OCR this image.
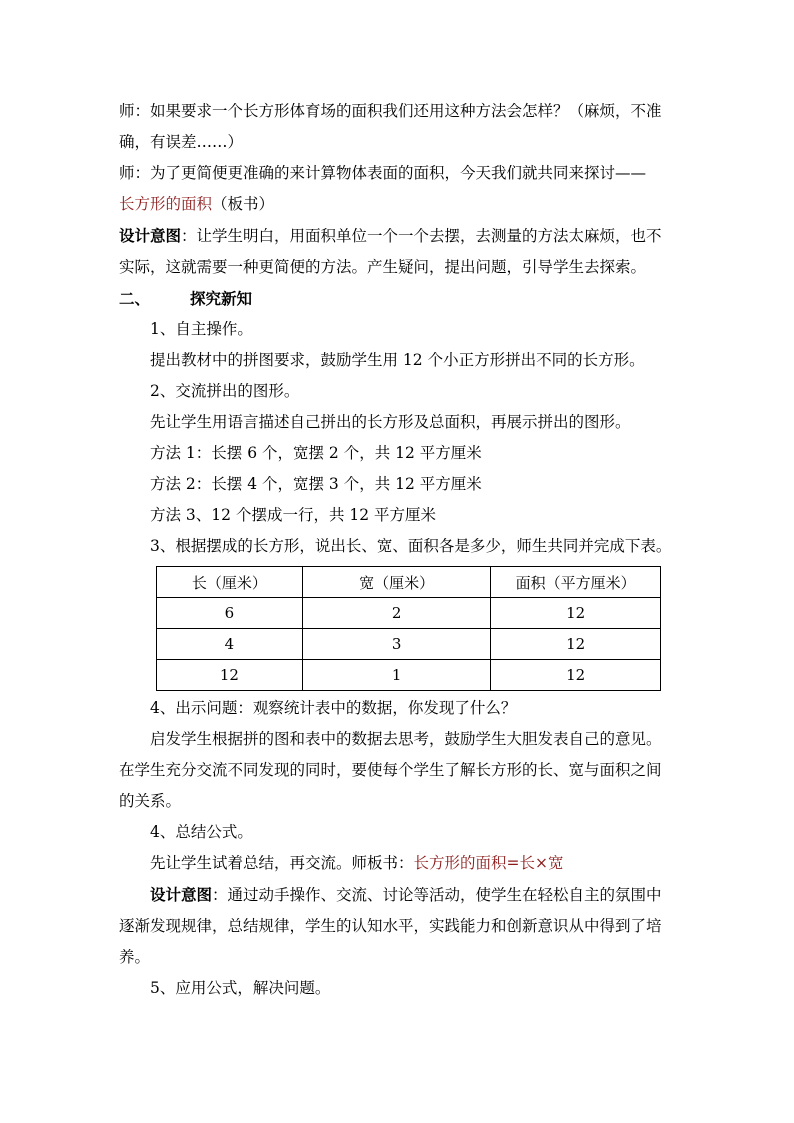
师：如果要求一个长方形体育场的面积我们还用这种方法会怎样？（麻烦，不准

确，有误差……）

师：为了更简便更准确的来计算物体表面的面积，今天我们就共同来探讨——

长方形的面积（板书）

设计意图：让学生明白，用面积单位一个一个去摆，去测量的方法太麻烦，也不

实际，这就需要一种更简便的方法。产生疑问，提出问题，引导学生去探索。

二、	探究新知

1、自主操作。

提出教材中的拼图要求，鼓励学生用 12 个小正方形拼出不同的长方形。

2、交流拼出的图形。

先让学生用语言描述自己拼出的长方形及总面积，再展示拼出的图形。

方法 1：长摆 6 个，宽摆 2 个，共 12 平方厘米

方法 2：长摆 4 个，宽摆 3 个，共 12 平方厘米

方法 3、12 个摆成一行，共 12 平方厘米

3、根据摆成的长方形，说出长、宽、面积各是多少，师生共同并完成下表。

长（厘米）	宽（厘米）	面积（平方厘米）
6	2	12
4	3	12
12	1	12

4、出示问题：观察统计表中的数据，你发现了什么？

启发学生根据拼的图和表中的数据去思考，鼓励学生大胆发表自己的意见。

在学生充分交流不同发现的同时，要使每个学生了解长方形的长、宽与面积之间

的关系。

4、总结公式。

先让学生试着总结，再交流。师板书：长方形的面积=长×宽

设计意图：通过动手操作、交流、讨论等活动，使学生在轻松自主的氛围中

逐渐发现规律，总结规律，学生的认知水平，实践能力和创新意识从中得到了培

养。

5、应用公式，解决问题。
